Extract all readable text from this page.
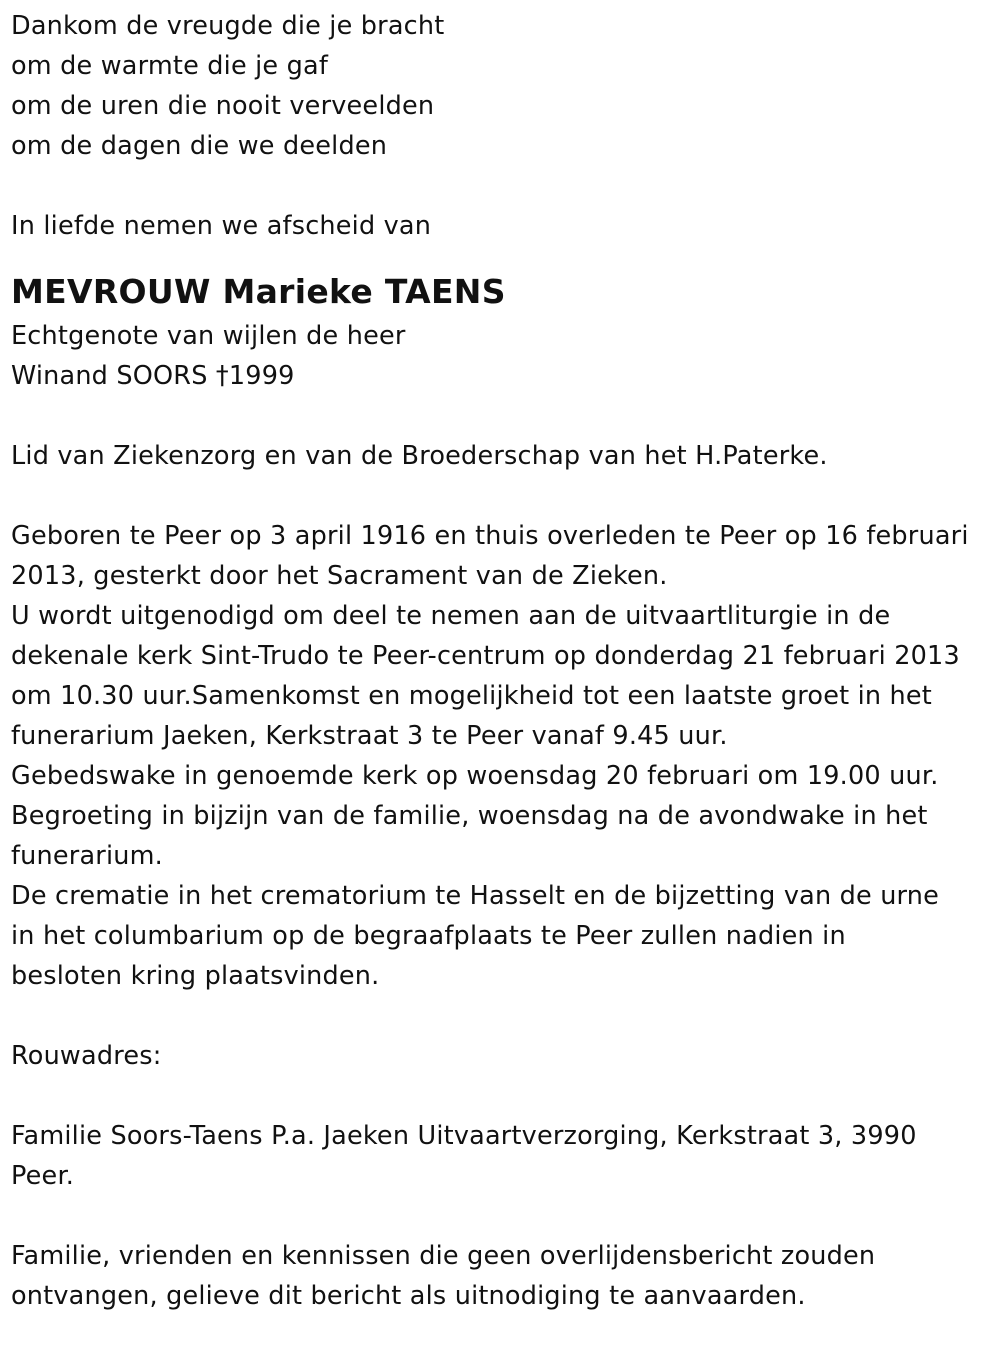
Dankom de vreugde die je bracht
om de warmte die je gaf
om de uren die nooit verveelden
om de dagen die we deelden
In liefde nemen we afscheid van
MEVROUW Marieke TAENS
Echtgenote van wijlen de heer
Winand SOORS †1999
Lid van Ziekenzorg en van de Broederschap van het H.Paterke.
Geboren te Peer op 3 april 1916 en thuis overleden te Peer op 16 februari
2013, gesterkt door het Sacrament van de Zieken.
U wordt uitgenodigd om deel te nemen aan de uitvaartliturgie in de
dekenale kerk Sint-Trudo te Peer-centrum op donderdag 21 februari 2013
om 10.30 uur.Samenkomst en mogelijkheid tot een laatste groet in het
funerarium Jaeken, Kerkstraat 3 te Peer vanaf 9.45 uur.
Gebedswake in genoemde kerk op woensdag 20 februari om 19.00 uur.
Begroeting in bijzijn van de familie, woensdag na de avondwake in het
funerarium.
De crematie in het crematorium te Hasselt en de bijzetting van de urne
in het columbarium op de begraafplaats te Peer zullen nadien in
besloten kring plaatsvinden.
Rouwadres:
Familie Soors-Taens P.a. Jaeken Uitvaartverzorging, Kerkstraat 3, 3990
Peer.
Familie, vrienden en kennissen die geen overlijdensbericht zouden
ontvangen, gelieve dit bericht als uitnodiging te aanvaarden.
